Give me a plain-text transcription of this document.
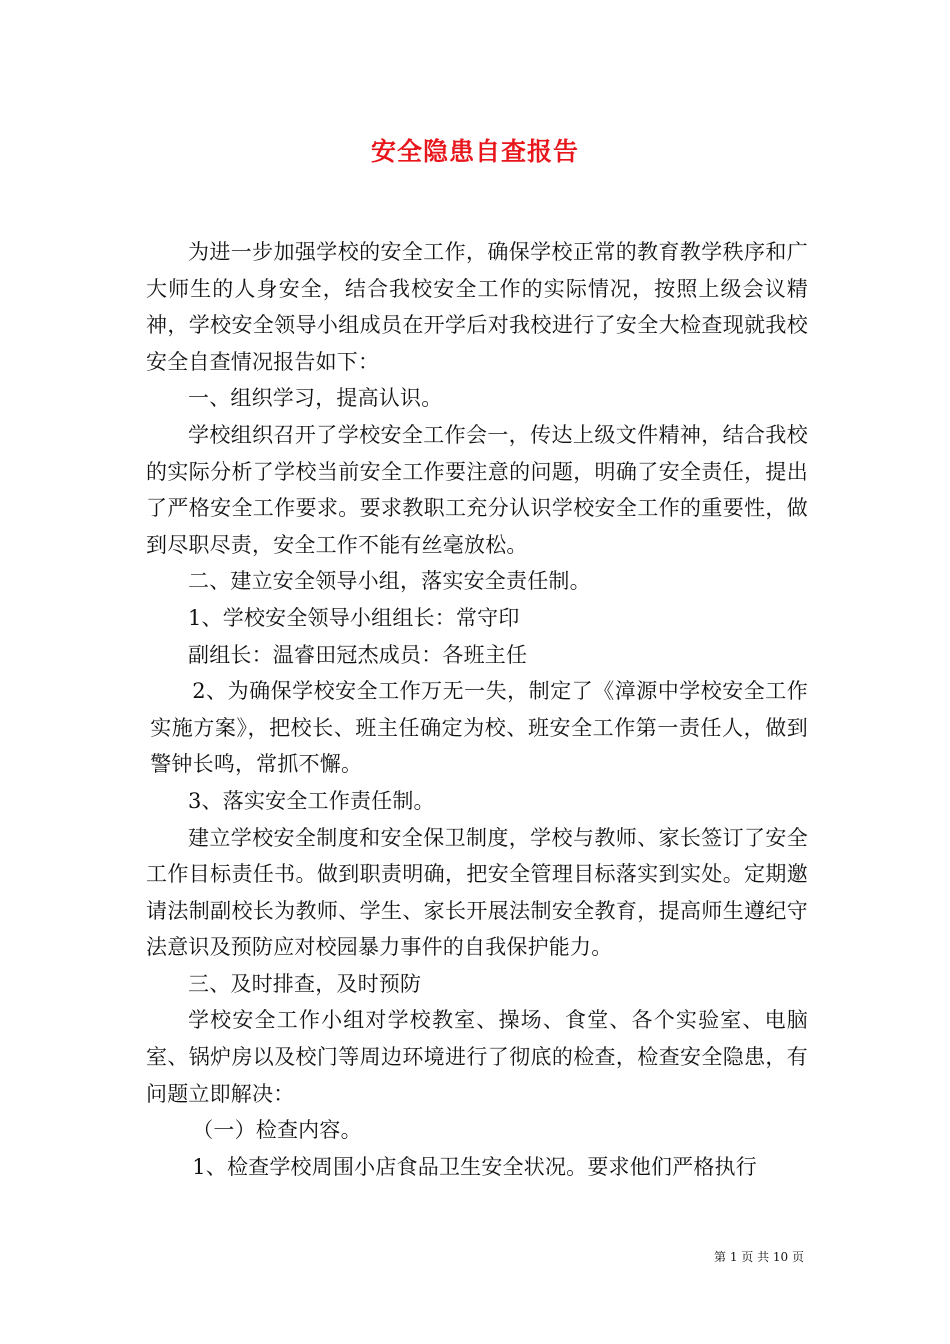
安全隐患自查报告

为进一步加强学校的安全工作，确保学校正常的教育教学秩序和广大师生的人身安全，结合我校安全工作的实际情况，按照上级会议精神，学校安全领导小组成员在开学后对我校进行了安全大检查现就我校安全自查情况报告如下：

一、组织学习，提高认识。

学校组织召开了学校安全工作会一，传达上级文件精神，结合我校的实际分析了学校当前安全工作要注意的问题，明确了安全责任，提出了严格安全工作要求。要求教职工充分认识学校安全工作的重要性，做到尽职尽责，安全工作不能有丝毫放松。

二、建立安全领导小组，落实安全责任制。

1、学校安全领导小组组长：常守印

副组长：温睿田冠杰成员：各班主任

2、为确保学校安全工作万无一失，制定了《漳源中学校安全工作实施方案》，把校长、班主任确定为校、班安全工作第一责任人，做到警钟长鸣，常抓不懈。

3、落实安全工作责任制。

建立学校安全制度和安全保卫制度，学校与教师、家长签订了安全工作目标责任书。做到职责明确，把安全管理目标落实到实处。定期邀请法制副校长为教师、学生、家长开展法制安全教育，提高师生遵纪守法意识及预防应对校园暴力事件的自我保护能力。

三、及时排查，及时预防

学校安全工作小组对学校教室、操场、食堂、各个实验室、电脑室、锅炉房以及校门等周边环境进行了彻底的检查，检查安全隐患，有问题立即解决：

（一）检查内容。

1、检查学校周围小店食品卫生安全状况。要求他们严格执行

第 1 页 共 10 页
